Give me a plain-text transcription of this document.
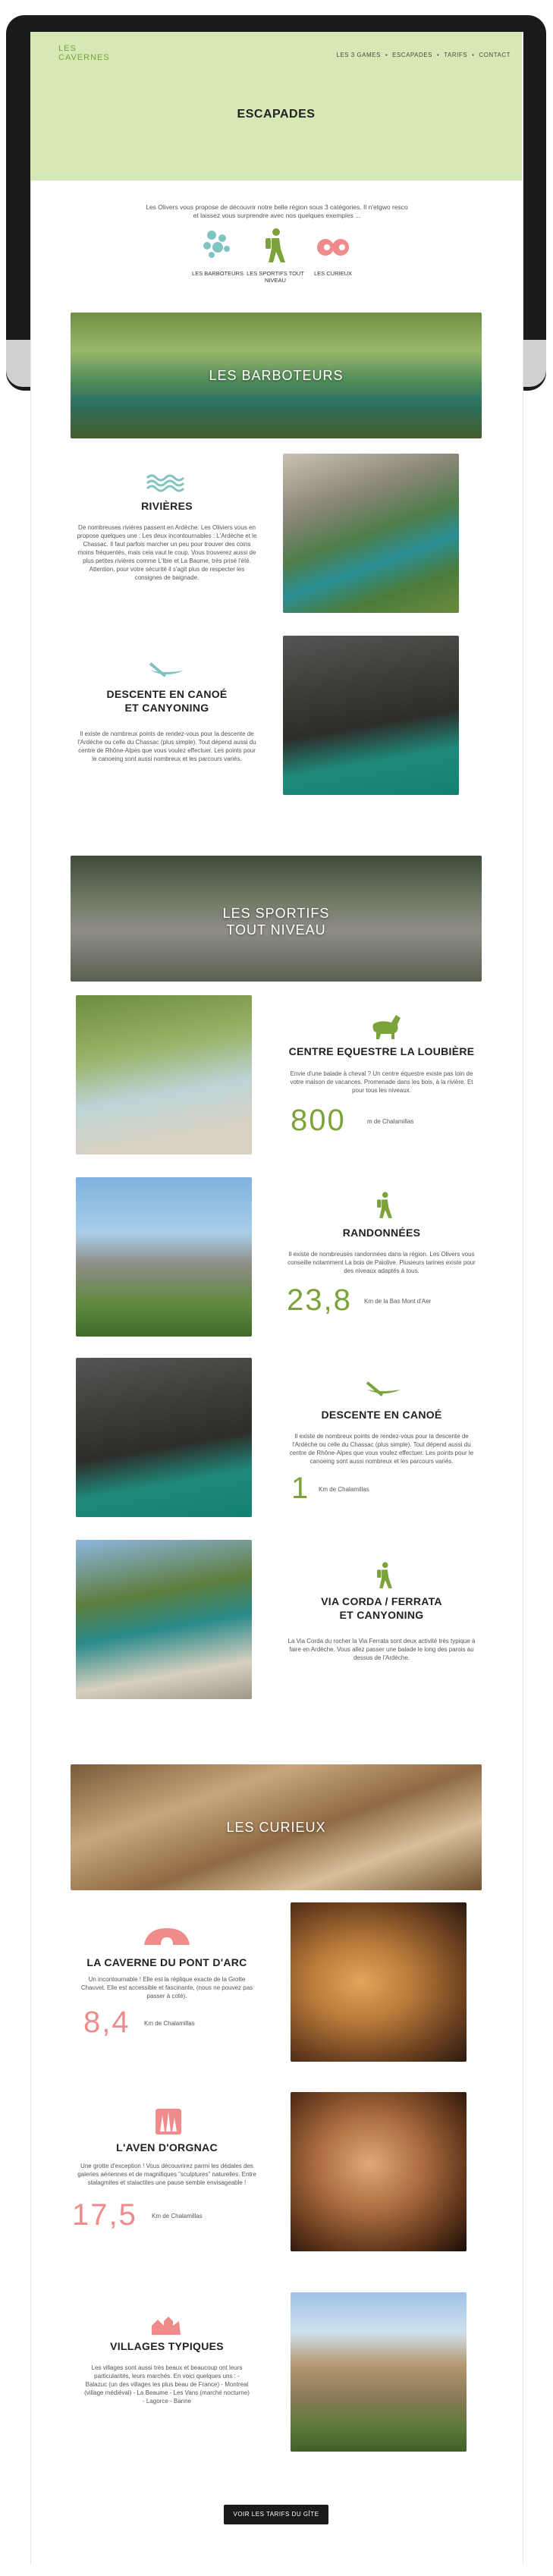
LES
CAVERNES	LES 3 GAMES • ESCAPADES • TARIFS • CONTACT
ESCAPADES
Les Olivers vous propose de découvrir notre belle région sous 3 catégories. Il n'etgwo resco et laissez vous surprendre avec nos quelques exemples ...
LES BARBOTEURS LES SPORTIFS TOUT NIVEAU
LES CURIEUX
LES BARBOTEURS
RIVIÈRES
De nombreuses rivières passent en Ardèche. Les Oliviers vous en propose quelques une : Les deux incontournables : L'Ardèche et le Chassac. Il faut parfois marcher un peu pour trouver des coins moins fréquentés, mais cela vaut le coup. Vous trouverez aussi de plus petites rivières comme L'Ibie et La Baume, très prisé l'été. Attention, pour votre sécurité il s'agit plus de respecter les consignes de baignade.
DESCENTE EN CANOÉ
ET CANYONING
Il existe de nombreux points de rendez-vous pour la descente de l'Ardèche ou celle du Chassac (plus simple). Tout dépend aussi du centre de Rhône-Alpes que vous voulez effectuer. Les points pour le canoeing sont aussi nombreux et les parcours variés.
LES SPORTIFS
TOUT NIVEAU
CENTRE EQUESTRE LA LOUBIÈRE
Envie d'une balade à cheval ? Un centre équestre existe pas loin de votre maison de vacances. Promenade dans les bois, à la rivière. Et pour tous les niveaux.
800	m de Chalamillas
RANDONNÉES
Il existe de nombreuses randonnées dans la région. Les Olivers vous conseille notamment La bois de Paiolive. Plusieurs tarines existe pour des niveaux adaptés à tous.
23,8 Km de la Bas Mont d'Aer
DESCENTE EN CANOÉ
Il existe de nombreux points de rendez-vous pour la descente de l'Ardèche ou celle du Chassac (plus simple). Tout dépend aussi du centre de Rhône-Alpes que vous voulez effectuer. Les points pour le canoeing sont aussi nombreux et les parcours variés.
1 Km de Chalamillas
VIA CORDA / FERRATA
ET CANYONING
La Via Corda du rocher la Via Ferrata sont deux activité très typique à faire en Ardèche. Vous allez passer une balade le long des parois au dessus de l'Ardèche.
LES CURIEUX
LA CAVERNE DU PONT D'ARC
Un incontournable ! Elle est la réplique exacte de la Grotte Chauvet. Elle est accessible et fascinante, (nous ne pouvez pas passer à coté).
8,4 Km de Chalamillas
L'AVEN D'ORGNAC
Une grotte d'exception ! Vous découvrirez parmi les dédales des galeries aériennes et de magnifiques "sculptures" naturelles. Entre stalagmites et stalactites une pause semble envisageable !
17,5 Km de Chalamillas
VILLAGES TYPIQUES
Les villages sont aussi très beaux et beaucoup ont leurs particularités, leurs marchés. En voici quelques uns : - Balazuc (un des villages les plus beau de France) - Montreal (village médiéval) - La Beaume - Les Vans (marché nocturne) - Lagorce - Banne
VOIR LES TARIFS DU GÎTE
